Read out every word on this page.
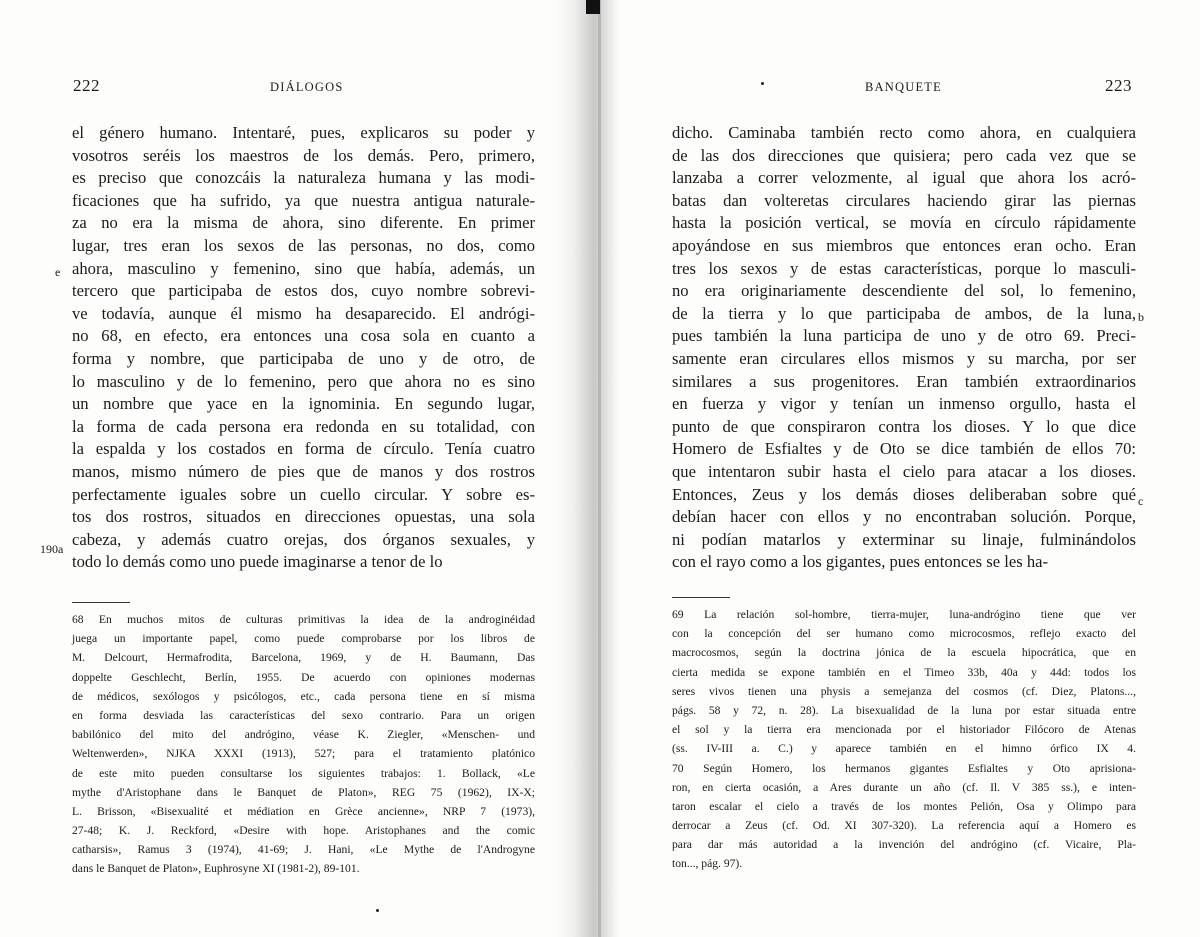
222	DIÁLOGOS
e
190a
el género humano. Intentaré, pues, explicaros su poder y
vosotros seréis los maestros de los demás. Pero, primero,
es preciso que conozcáis la naturaleza humana y las modi-
ficaciones que ha sufrido, ya que nuestra antigua naturale-
za no era la misma de ahora, sino diferente. En primer
lugar, tres eran los sexos de las personas, no dos, como
ahora, masculino y femenino, sino que había, además, un
tercero que participaba de estos dos, cuyo nombre sobrevi-
ve todavía, aunque él mismo ha desaparecido. El andrógi-
no 68, en efecto, era entonces una cosa sola en cuanto a
forma y nombre, que participaba de uno y de otro, de
lo masculino y de lo femenino, pero que ahora no es sino
un nombre que yace en la ignominia. En segundo lugar,
la forma de cada persona era redonda en su totalidad, con
la espalda y los costados en forma de círculo. Tenía cuatro
manos, mismo número de pies que de manos y dos rostros
perfectamente iguales sobre un cuello circular. Y sobre es-
tos dos rostros, situados en direcciones opuestas, una sola
cabeza, y además cuatro orejas, dos órganos sexuales, y
todo lo demás como uno puede imaginarse a tenor de lo
68 En muchos mitos de culturas primitivas la idea de la androginéidad
juega un importante papel, como puede comprobarse por los libros de
M. Delcourt, Hermafrodita, Barcelona, 1969, y de H. Baumann, Das
doppelte Geschlecht, Berlín, 1955. De acuerdo con opiniones modernas
de médicos, sexólogos y psicólogos, etc., cada persona tiene en sí misma
en forma desviada las características del sexo contrario. Para un origen
babilónico del mito del andrógino, véase K. Ziegler, «Menschen- und
Weltenwerden», NJKA XXXI (1913), 527; para el tratamiento platónico
de este mito pueden consultarse los siguientes trabajos: 1. Bollack, «Le
mythe d'Aristophane dans le Banquet de Platon», REG 75 (1962), IX-X;
L. Brisson, «Bisexualité et médiation en Grèce ancienne», NRP 7 (1973),
27-48; K. J. Reckford, «Desire with hope. Aristophanes and the comic
catharsis», Ramus 3 (1974), 41-69; J. Hani, «Le Mythe de l'Androgyne
dans le Banquet de Platon», Euphrosyne XI (1981-2), 89-101.
BANQUETE	223
b
c
dicho. Caminaba también recto como ahora, en cualquiera
de las dos direcciones que quisiera; pero cada vez que se
lanzaba a correr velozmente, al igual que ahora los acró-
batas dan volteretas circulares haciendo girar las piernas
hasta la posición vertical, se movía en círculo rápidamente
apoyándose en sus miembros que entonces eran ocho. Eran
tres los sexos y de estas características, porque lo masculi-
no era originariamente descendiente del sol, lo femenino,
de la tierra y lo que participaba de ambos, de la luna,
pues también la luna participa de uno y de otro 69. Preci-
samente eran circulares ellos mismos y su marcha, por ser
similares a sus progenitores. Eran también extraordinarios
en fuerza y vigor y tenían un inmenso orgullo, hasta el
punto de que conspiraron contra los dioses. Y lo que dice
Homero de Esfialtes y de Oto se dice también de ellos 70:
que intentaron subir hasta el cielo para atacar a los dioses.
Entonces, Zeus y los demás dioses deliberaban sobre qué
debían hacer con ellos y no encontraban solución. Porque,
ni podían matarlos y exterminar su linaje, fulminándolos
con el rayo como a los gigantes, pues entonces se les ha-
69 La relación sol-hombre, tierra-mujer, luna-andrógino tiene que ver
con la concepción del ser humano como microcosmos, reflejo exacto del
macrocosmos, según la doctrina jónica de la escuela hipocrática, que en
cierta medida se expone también en el Timeo 33b, 40a y 44d: todos los
seres vivos tienen una physis a semejanza del cosmos (cf. Diez, Platons...,
págs. 58 y 72, n. 28). La bisexualidad de la luna por estar situada entre
el sol y la tierra era mencionada por el historiador Filócoro de Atenas
(ss. IV-III a. C.) y aparece también en el himno órfico IX 4.
70 Según Homero, los hermanos gigantes Esfialtes y Oto aprisiona-
ron, en cierta ocasión, a Ares durante un año (cf. Il. V 385 ss.), e inten-
taron escalar el cielo a través de los montes Pelión, Osa y Olimpo para
derrocar a Zeus (cf. Od. XI 307-320). La referencia aquí a Homero es
para dar más autoridad a la invención del andrógino (cf. Vicaire, Pla-
ton..., pág. 97).
